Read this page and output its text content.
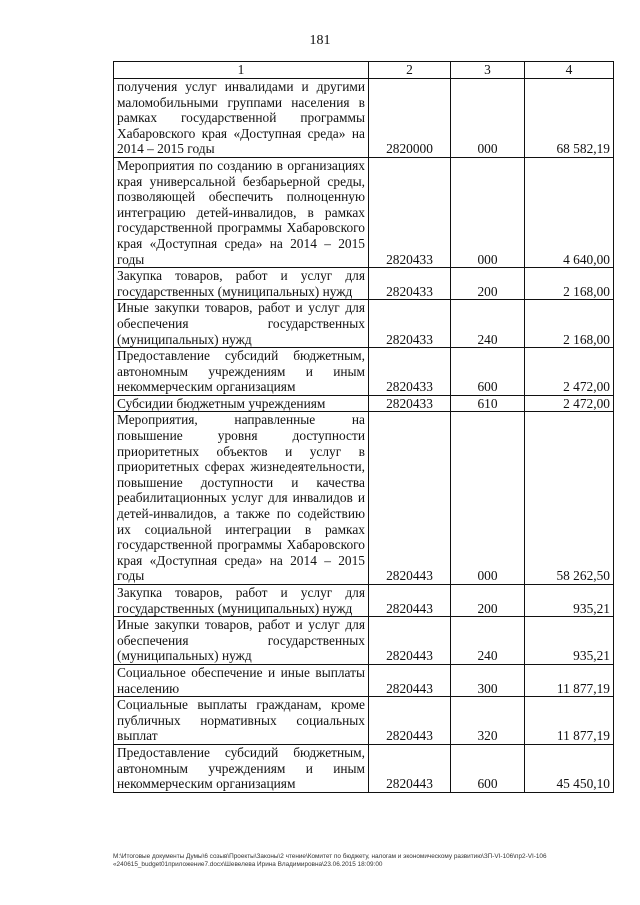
181
1	2	3	4
получения услуг инвалидами и другими маломобильными группами населения в рамках государственной программы Хабаровского края «Доступная среда» на 2014 – 2015 годы	2820000	000	68 582,19
Мероприятия по созданию в организациях края универсальной безбарьерной среды, позволяющей обеспечить полноценную интеграцию детей-инвалидов, в рамках государственной программы Хабаровского края «Доступная среда» на 2014 – 2015 годы	2820433	000	4 640,00
Закупка товаров, работ и услуг для государственных (муниципальных) нужд	2820433	200	2 168,00
Иные закупки товаров, работ и услуг для обеспечения государственных (муниципальных) нужд	2820433	240	2 168,00
Предоставление субсидий бюджетным, автономным учреждениям и иным некоммерческим организациям	2820433	600	2 472,00
Субсидии бюджетным учреждениям	2820433	610	2 472,00
Мероприятия, направленные на повышение уровня доступности приоритетных объектов и услуг в приоритетных сферах жизнедеятельности, повышение доступности и качества реабилитационных услуг для инвалидов и детей-инвалидов, а также по содействию их социальной интеграции в рамках государственной программы Хабаровского края «Доступная среда» на 2014 – 2015 годы	2820443	000	58 262,50
Закупка товаров, работ и услуг для государственных (муниципальных) нужд	2820443	200	935,21
Иные закупки товаров, работ и услуг для обеспечения государственных (муниципальных) нужд	2820443	240	935,21
Социальное обеспечение и иные выплаты населению	2820443	300	11 877,19
Социальные выплаты гражданам, кроме публичных нормативных социальных выплат	2820443	320	11 877,19
Предоставление субсидий бюджетным, автономным учреждениям и иным некоммерческим организациям	2820443	600	45 450,10
М:\Итоговые документы Думы\6 созыв\Проекты\Законы\2 чтение\Комитет по бюджету, налогам и экономическому развитию\ЗП-VI-106\пр2-VI-106 «240615_budget01приложение7.docx\Шевелева Ирина Владимировна\23.06.2015 18:09:00
